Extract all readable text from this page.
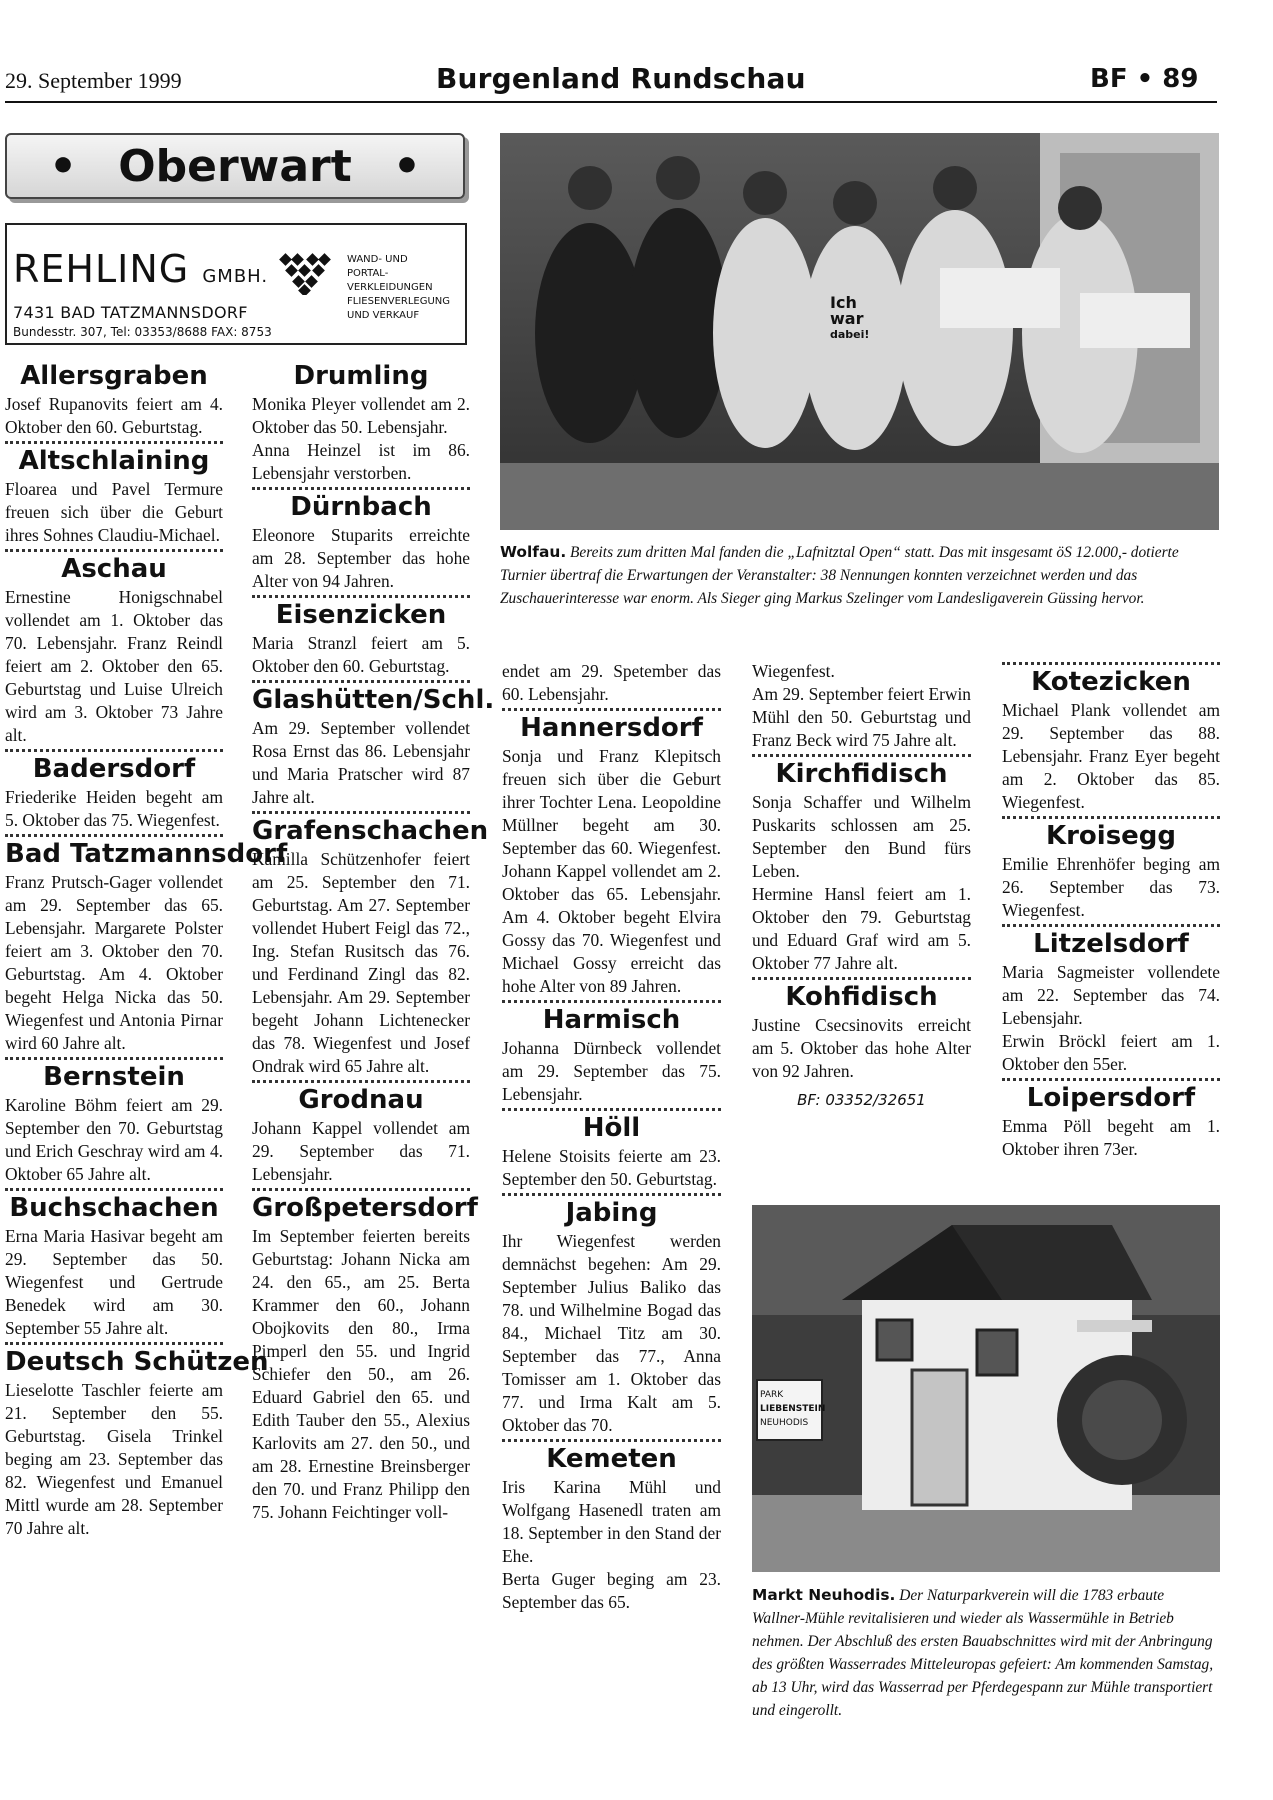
29. September 1999	Burgenland Rundschau	BF • 89
• Oberwart •
REHLING GMBH.
WAND- UND
PORTAL-
VERKLEIDUNGEN
FLIESENVERLEGUNG
UND VERKAUF
7431 BAD TATZMANNSDORF
Bundesstr. 307, Tel: 03353/8688 FAX: 8753
Allersgraben
Josef Rupanovits feiert am 4. Oktober den 60. Geburtstag.
Altschlaining
Floarea und Pavel Termure freuen sich über die Geburt ihres Sohnes Claudiu-Michael.
Aschau
Ernestine Honigschnabel vollendet am 1. Oktober das 70. Lebensjahr. Franz Reindl feiert am 2. Oktober den 65. Geburtstag und Luise Ulreich wird am 3. Oktober 73 Jahre alt.
Badersdorf
Friederike Heiden begeht am 5. Oktober das 75. Wiegenfest.
Bad Tatzmannsdorf
Franz Prutsch-Gager vollendet am 29. September das 65. Lebensjahr. Margarete Polster feiert am 3. Oktober den 70. Geburtstag. Am 4. Oktober begeht Helga Nicka das 50. Wiegenfest und Antonia Pirnar wird 60 Jahre alt.
Bernstein
Karoline Böhm feiert am 29. September den 70. Geburtstag und Erich Geschray wird am 4. Oktober 65 Jahre alt.
Buchschachen
Erna Maria Hasivar begeht am 29. September das 50. Wiegenfest und Gertrude Benedek wird am 30. September 55 Jahre alt.
Deutsch Schützen
Lieselotte Taschler feierte am 21. September den 55. Geburtstag. Gisela Trinkel beging am 23. September das 82. Wiegenfest und Emanuel Mittl wurde am 28. September 70 Jahre alt.
Drumling
Monika Pleyer vollendet am 2. Oktober das 50. Lebensjahr.
Anna Heinzel ist im 86. Lebensjahr verstorben.
Dürnbach
Eleonore Stuparits erreichte am 28. September das hohe Alter von 94 Jahren.
Eisenzicken
Maria Stranzl feiert am 5. Oktober den 60. Geburtstag.
Glashütten/Schl.
Am 29. September vollendet Rosa Ernst das 86. Lebensjahr und Maria Pratscher wird 87 Jahre alt.
Grafenschachen
Kamilla Schützenhofer feiert am 25. September den 71. Geburtstag. Am 27. September vollendet Hubert Feigl das 72., Ing. Stefan Rusitsch das 76. und Ferdinand Zingl das 82. Lebensjahr. Am 29. September begeht Johann Lichtenecker das 78. Wiegenfest und Josef Ondrak wird 65 Jahre alt.
Grodnau
Johann Kappel vollendet am 29. September das 71. Lebensjahr.
Großpetersdorf
Im September feierten bereits Geburtstag: Johann Nicka am 24. den 65., am 25. Berta Krammer den 60., Johann Obojkovits den 80., Irma Pimperl den 55. und Ingrid Schiefer den 50., am 26. Eduard Gabriel den 65. und Edith Tauber den 55., Alexius Karlovits am 27. den 50., und am 28. Ernestine Breinsberger den 70. und Franz Philipp den 75. Johann Feichtinger voll-
Ich war dabei!
Wolfau. Bereits zum dritten Mal fanden die „Lafnitztal Open“ statt. Das mit insgesamt öS 12.000,- dotierte Turnier übertraf die Erwartungen der Veranstalter: 38 Nennungen konnten verzeichnet werden und das Zuschauerinteresse war enorm. Als Sieger ging Markus Szelinger vom Landesligaverein Güssing hervor.
endet am 29. Spetember das 60. Lebensjahr.
Hannersdorf
Sonja und Franz Klepitsch freuen sich über die Geburt ihrer Tochter Lena. Leopoldine Müllner begeht am 30. September das 60. Wiegenfest. Johann Kappel vollendet am 2. Oktober das 65. Lebensjahr. Am 4. Oktober begeht Elvira Gossy das 70. Wiegenfest und Michael Gossy erreicht das hohe Alter von 89 Jahren.
Harmisch
Johanna Dürnbeck vollendet am 29. September das 75. Lebensjahr.
Höll
Helene Stoisits feierte am 23. September den 50. Geburtstag.
Jabing
Ihr Wiegenfest werden demnächst begehen: Am 29. September Julius Baliko das 78. und Wilhelmine Bogad das 84., Michael Titz am 30. September das 77., Anna Tomisser am 1. Oktober das 77. und Irma Kalt am 5. Oktober das 70.
Kemeten
Iris Karina Mühl und Wolfgang Hasenedl traten am 18. September in den Stand der Ehe.
Berta Guger beging am 23. September das 65.
Wiegenfest.
Am 29. September feiert Erwin Mühl den 50. Geburtstag und Franz Beck wird 75 Jahre alt.
Kirchfidisch
Sonja Schaffer und Wilhelm Puskarits schlossen am 25. September den Bund fürs Leben.
Hermine Hansl feiert am 1. Oktober den 79. Geburtstag und Eduard Graf wird am 5. Oktober 77 Jahre alt.
Kohfidisch
Justine Csecsinovits erreicht am 5. Oktober das hohe Alter von 92 Jahren.
BF: 03352/32651
Kotezicken
Michael Plank vollendet am 29. September das 88. Lebensjahr. Franz Eyer begeht am 2. Oktober das 85. Wiegenfest.
Kroisegg
Emilie Ehrenhöfer beging am 26. September das 73. Wiegenfest.
Litzelsdorf
Maria Sagmeister vollendete am 22. September das 74. Lebensjahr.
Erwin Bröckl feiert am 1. Oktober den 55er.
Loipersdorf
Emma Pöll begeht am 1. Oktober ihren 73er.
PARK LIEBENSTEIN NEUHODIS
Markt Neuhodis. Der Naturparkverein will die 1783 erbaute Wallner-Mühle revitalisieren und wieder als Wassermühle in Betrieb nehmen. Der Abschluß des ersten Bauabschnittes wird mit der Anbringung des größten Wasserrades Mitteleuropas gefeiert: Am kommenden Samstag, ab 13 Uhr, wird das Wasserrad per Pferdegespann zur Mühle transportiert und eingerollt.
